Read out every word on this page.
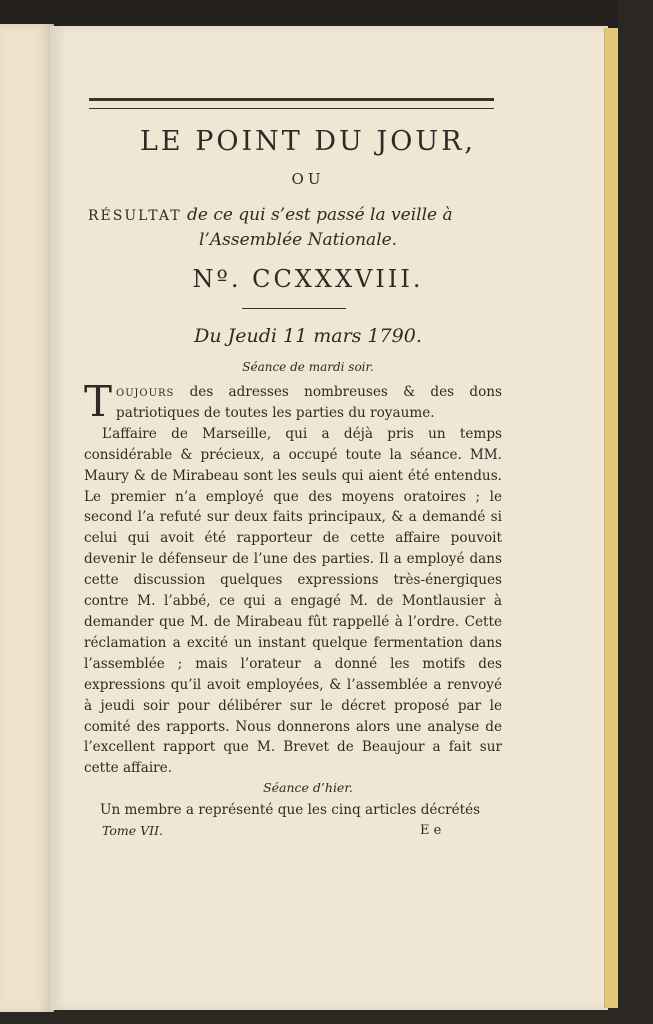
LE POINT DU JOUR,
OU
RÉSULTAT de ce qui s’est passé la veille à
l’Assemblée Nationale.
Nº. CCXXXVIII.
Du Jeudi 11 mars 1790.
Séance de mardi soir.

Toujours des adresses nombreuses & des dons patriotiques de toutes les parties du royaume.

L’affaire de Marseille, qui a déjà pris un temps considérable & précieux, a occupé toute la séance. MM. Maury & de Mirabeau sont les seuls qui aient été entendus. Le premier n’a employé que des moyens oratoires ; le second l’a refuté sur deux faits principaux, & a demandé si celui qui avoit été rapporteur de cette affaire pouvoit devenir le défenseur de l’une des parties. Il a employé dans cette discussion quelques expressions très-énergiques contre M. l’abbé, ce qui a engagé M. de Montlausier à demander que M. de Mirabeau fût rappellé à l’ordre. Cette réclamation a excité un instant quelque fermentation dans l’assemblée ; mais l’orateur a donné les motifs des expressions qu’il avoit employées, & l’assemblée a renvoyé à jeudi soir pour délibérer sur le décret proposé par le comité des rapports. Nous donnerons alors une analyse de l’excellent rapport que M. Brevet de Beaujour a fait sur cette affaire.

Séance d’hier.
Un membre a représenté que les cinq articles décrétés
Tome VII.	E e
